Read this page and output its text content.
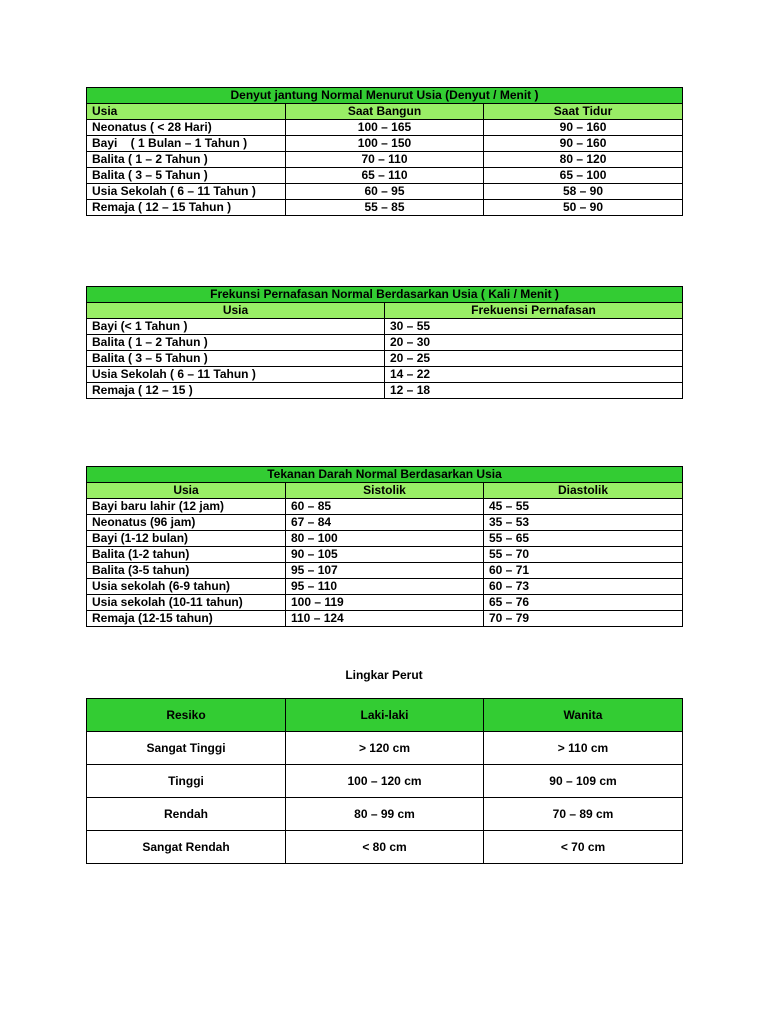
Denyut jantung Normal Menurut Usia (Denyut / Menit )		
Usia	Saat Bangun	Saat Tidur
Neonatus ( < 28 Hari)	100 – 165	90 – 160
Bayi    ( 1 Bulan – 1 Tahun )	100 – 150	90 – 160
Balita ( 1 – 2 Tahun )	70 – 110	80 – 120
Balita ( 3 – 5 Tahun )	65 – 110	65 – 100
Usia Sekolah ( 6 – 11 Tahun )	60 – 95	58 – 90
Remaja ( 12 – 15 Tahun )	55 – 85	50 – 90
Frekunsi Pernafasan Normal Berdasarkan Usia ( Kali / Menit )	
Usia	Frekuensi Pernafasan
Bayi (< 1 Tahun )	30 – 55
Balita ( 1 – 2 Tahun )	20 – 30
Balita ( 3 – 5 Tahun )	20 – 25
Usia Sekolah ( 6 – 11 Tahun )	14 – 22
Remaja ( 12 – 15 )	12 – 18
Tekanan Darah Normal Berdasarkan Usia		
Usia	Sistolik	Diastolik
Bayi baru lahir (12 jam)	60 – 85	45 – 55
Neonatus (96 jam)	67 – 84	35 – 53
Bayi (1-12 bulan)	80 – 100	55 – 65
Balita (1-2 tahun)	90 – 105	55 – 70
Balita (3-5 tahun)	95 – 107	60 – 71
Usia sekolah (6-9 tahun)	95 – 110	60 – 73
Usia sekolah (10-11 tahun)	100 – 119	65 – 76
Remaja (12-15 tahun)	110 – 124	70 – 79
Lingkar Perut
Resiko	Laki-laki	Wanita
Sangat Tinggi	> 120 cm	> 110 cm
Tinggi	100 – 120 cm	90 – 109 cm
Rendah	80 – 99 cm	70 – 89 cm
Sangat Rendah	< 80 cm	< 70 cm
